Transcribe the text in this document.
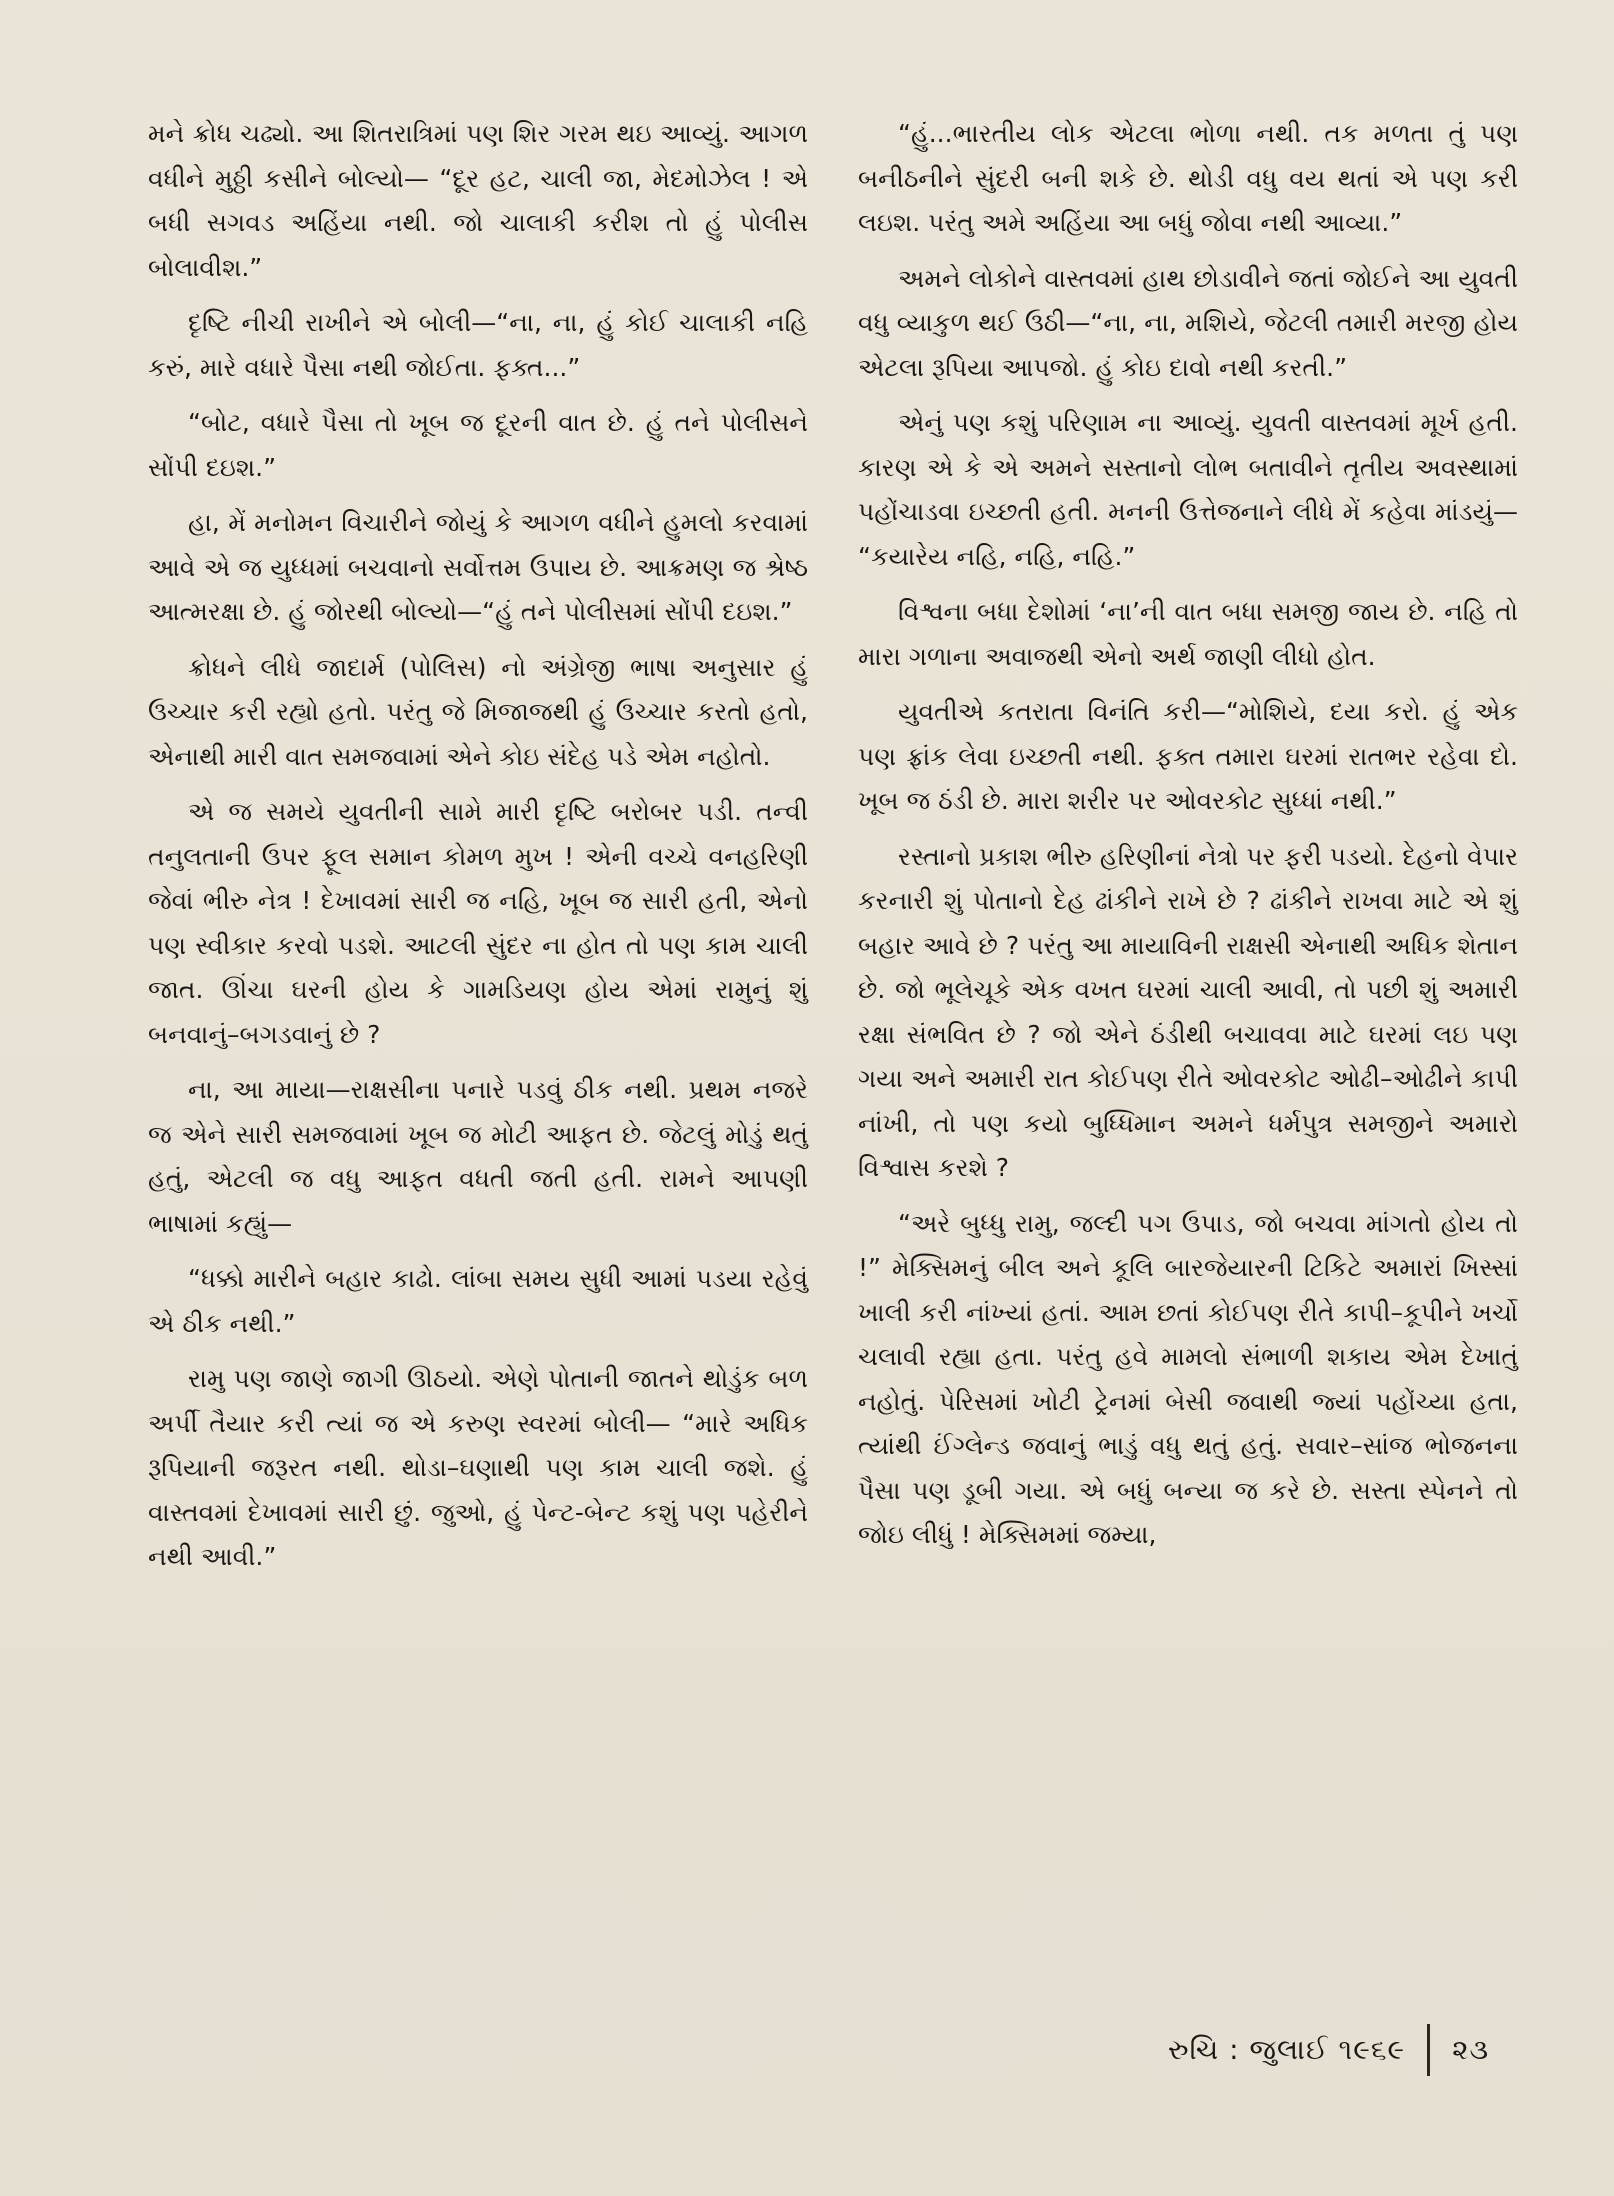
મને ક્રોધ ચઢ્યો. આ શિતરાત્રિમાં પણ શિર ગરમ થઇ આવ્યું. આગળ વધીને મુઠ્ઠી કસીને બોલ્યો— “દૂર હટ, ચાલી જા, મેદમોઝેલ ! એ બધી સગવડ અહિંયા નથી. જો ચાલાકી કરીશ તો હું પોલીસ બોલાવીશ.”

દૃષ્ટિ નીચી રાખીને એ બોલી—“ના, ના, હું કોઈ ચાલાકી નહિ કરું, મારે વધારે પૈસા નથી જોઈતા. ફક્ત...”

“બોટ, વધારે પૈસા તો ખૂબ જ દૂરની વાત છે. હું તને પોલીસને સોંપી દઇશ.”

હા, મેં મનોમન વિચારીને જોયું કે આગળ વધીને હુમલો કરવામાં આવે એ જ યુધ્ધમાં બચવાનો સર્વોત્તમ ઉપાય છે. આક્રમણ જ શ્રેષ્ઠ આત્મરક્ષા છે. હું જોરથી બોલ્યો—“હું તને પોલીસમાં સોંપી દઇશ.”

ક્રોધને લીધે જાદાર્મ (પોલિસ) નો અંગ્રેજી ભાષા અનુસાર હું ઉચ્ચાર કરી રહ્યો હતો. પરંતુ જે મિજાજથી હું ઉચ્ચાર કરતો હતો, એનાથી મારી વાત સમજવામાં એને કોઇ સંદેહ પડે એમ નહોતો.

એ જ સમયે યુવતીની સામે મારી દૃષ્ટિ બરોબર પડી. તન્વી તનુલતાની ઉપર ફૂલ સમાન કોમળ મુખ ! એની વચ્ચે વનહરિણી જેવાં ભીરુ નેત્ર ! દેખાવમાં સારી જ નહિ, ખૂબ જ સારી હતી, એનો પણ સ્વીકાર કરવો પડશે. આટલી સુંદર ના હોત તો પણ કામ ચાલી જાત. ઊંચા ઘરની હોય કે ગામડિયણ હોય એમાં રામુનું શું બનવાનું–બગડવાનું છે ?

ના, આ માયા—રાક્ષસીના પનારે પડવું ઠીક નથી. પ્રથમ નજરે જ એને સારી સમજવામાં ખૂબ જ મોટી આફત છે. જેટલું મોડું થતું હતું, એટલી જ વધુ આફત વધતી જતી હતી. રામને આપણી ભાષામાં કહ્યું—

“ધક્કો મારીને બહાર કાઢો. લાંબા સમય સુધી આમાં પડયા રહેવું એ ઠીક નથી.”

રામુ પણ જાણે જાગી ઊઠયો. એણે પોતાની જાતને થોડુંક બળ અર્પી તૈયાર કરી ત્યાં જ એ કરુણ સ્વરમાં બોલી— “મારે અધિક રૂપિયાની જરૂરત નથી. થોડા–ઘણાથી પણ કામ ચાલી જશે. હું વાસ્તવમાં દેખાવમાં સારી છું. જુઓ, હું પેન્ટ-બેન્ટ કશું પણ પહેરીને નથી આવી.”

“હું...ભારતીય લોક એટલા ભોળા નથી. તક મળતા તું પણ બનીઠનીને સુંદરી બની શકે છે. થોડી વધુ વય થતાં એ પણ કરી લઇશ. પરંતુ અમે અહિંયા આ બધું જોવા નથી આવ્યા.”

અમને લોકોને વાસ્તવમાં હાથ છોડાવીને જતાં જોઈને આ યુવતી વધુ વ્યાકુળ થઈ ઉઠી—“ના, ના, મશિયે, જેટલી તમારી મરજી હોય એટલા રૂપિયા આપજો. હું કોઇ દાવો નથી કરતી.”

એનું પણ કશું પરિણામ ના આવ્યું. યુવતી વાસ્તવમાં મૂર્ખ હતી. કારણ એ કે એ અમને સસ્તાનો લોભ બતાવીને તૃતીય અવસ્થામાં પહોંચાડવા ઇચ્છતી હતી. મનની ઉત્તેજનાને લીધે મેં કહેવા માંડયું— “કયારેય નહિ, નહિ, નહિ.”

વિશ્વના બધા દેશોમાં ‘ના’ની વાત બધા સમજી જાય છે. નહિ તો મારા ગળાના અવાજથી એનો અર્થ જાણી લીધો હોત.

યુવતીએ કતરાતા વિનંતિ કરી—“મોશિયે, દયા કરો. હું એક પણ ફ્રાંક લેવા ઇચ્છતી નથી. ફક્ત તમારા ઘરમાં રાતભર રહેવા દો. ખૂબ જ ઠંડી છે. મારા શરીર પર ઓવરકોટ સુધ્ધાં નથી.”

રસ્તાનો પ્રકાશ ભીરુ હરિણીનાં નેત્રો પર ફરી પડયો. દેહનો વેપાર કરનારી શું પોતાનો દેહ ઢાંકીને રાખે છે ? ઢાંકીને રાખવા માટે એ શું બહાર આવે છે ? પરંતુ આ માયાવિની રાક્ષસી એનાથી અધિક શેતાન છે. જો ભૂલેચૂકે એક વખત ઘરમાં ચાલી આવી, તો પછી શું અમારી રક્ષા સંભવિત છે ? જો એને ઠંડીથી બચાવવા માટે ઘરમાં લઇ પણ ગયા અને અમારી રાત કોઈપણ રીતે ઓવરકોટ ઓઢી–ઓઢીને કાપી નાંખી, તો પણ કયો બુધ્ધિમાન અમને ધર્મપુત્ર સમજીને અમારો વિશ્વાસ કરશે ?

“અરે બુધ્ધુ રામુ, જલ્દી પગ ઉપાડ, જો બચવા માંગતો હોય તો !” મેક્સિમનું બીલ અને કૂલિ બારજેયારની ટિકિટે અમારાં ખિસ્સાં ખાલી કરી નાંખ્યાં હતાં. આમ છતાં કોઈપણ રીતે કાપી–કૂપીને ખર્ચો ચલાવી રહ્યા હતા. પરંતુ હવે મામલો સંભાળી શકાય એમ દેખાતું નહોતું. પેરિસમાં ખોટી ટ્રેનમાં બેસી જવાથી જ્યાં પહોંચ્યા હતા, ત્યાંથી ઈંગ્લેન્ડ જવાનું ભાડું વધુ થતું હતું. સવાર–સાંજ ભોજનના પૈસા પણ ડૂબી ગયા. એ બધું બન્યા જ કરે છે. સસ્તા સ્પેનને તો જોઇ લીધું ! મેક્સિમમાં જમ્યા,

રુચિ : જુલાઈ ૧૯૬૯ ૨૩
